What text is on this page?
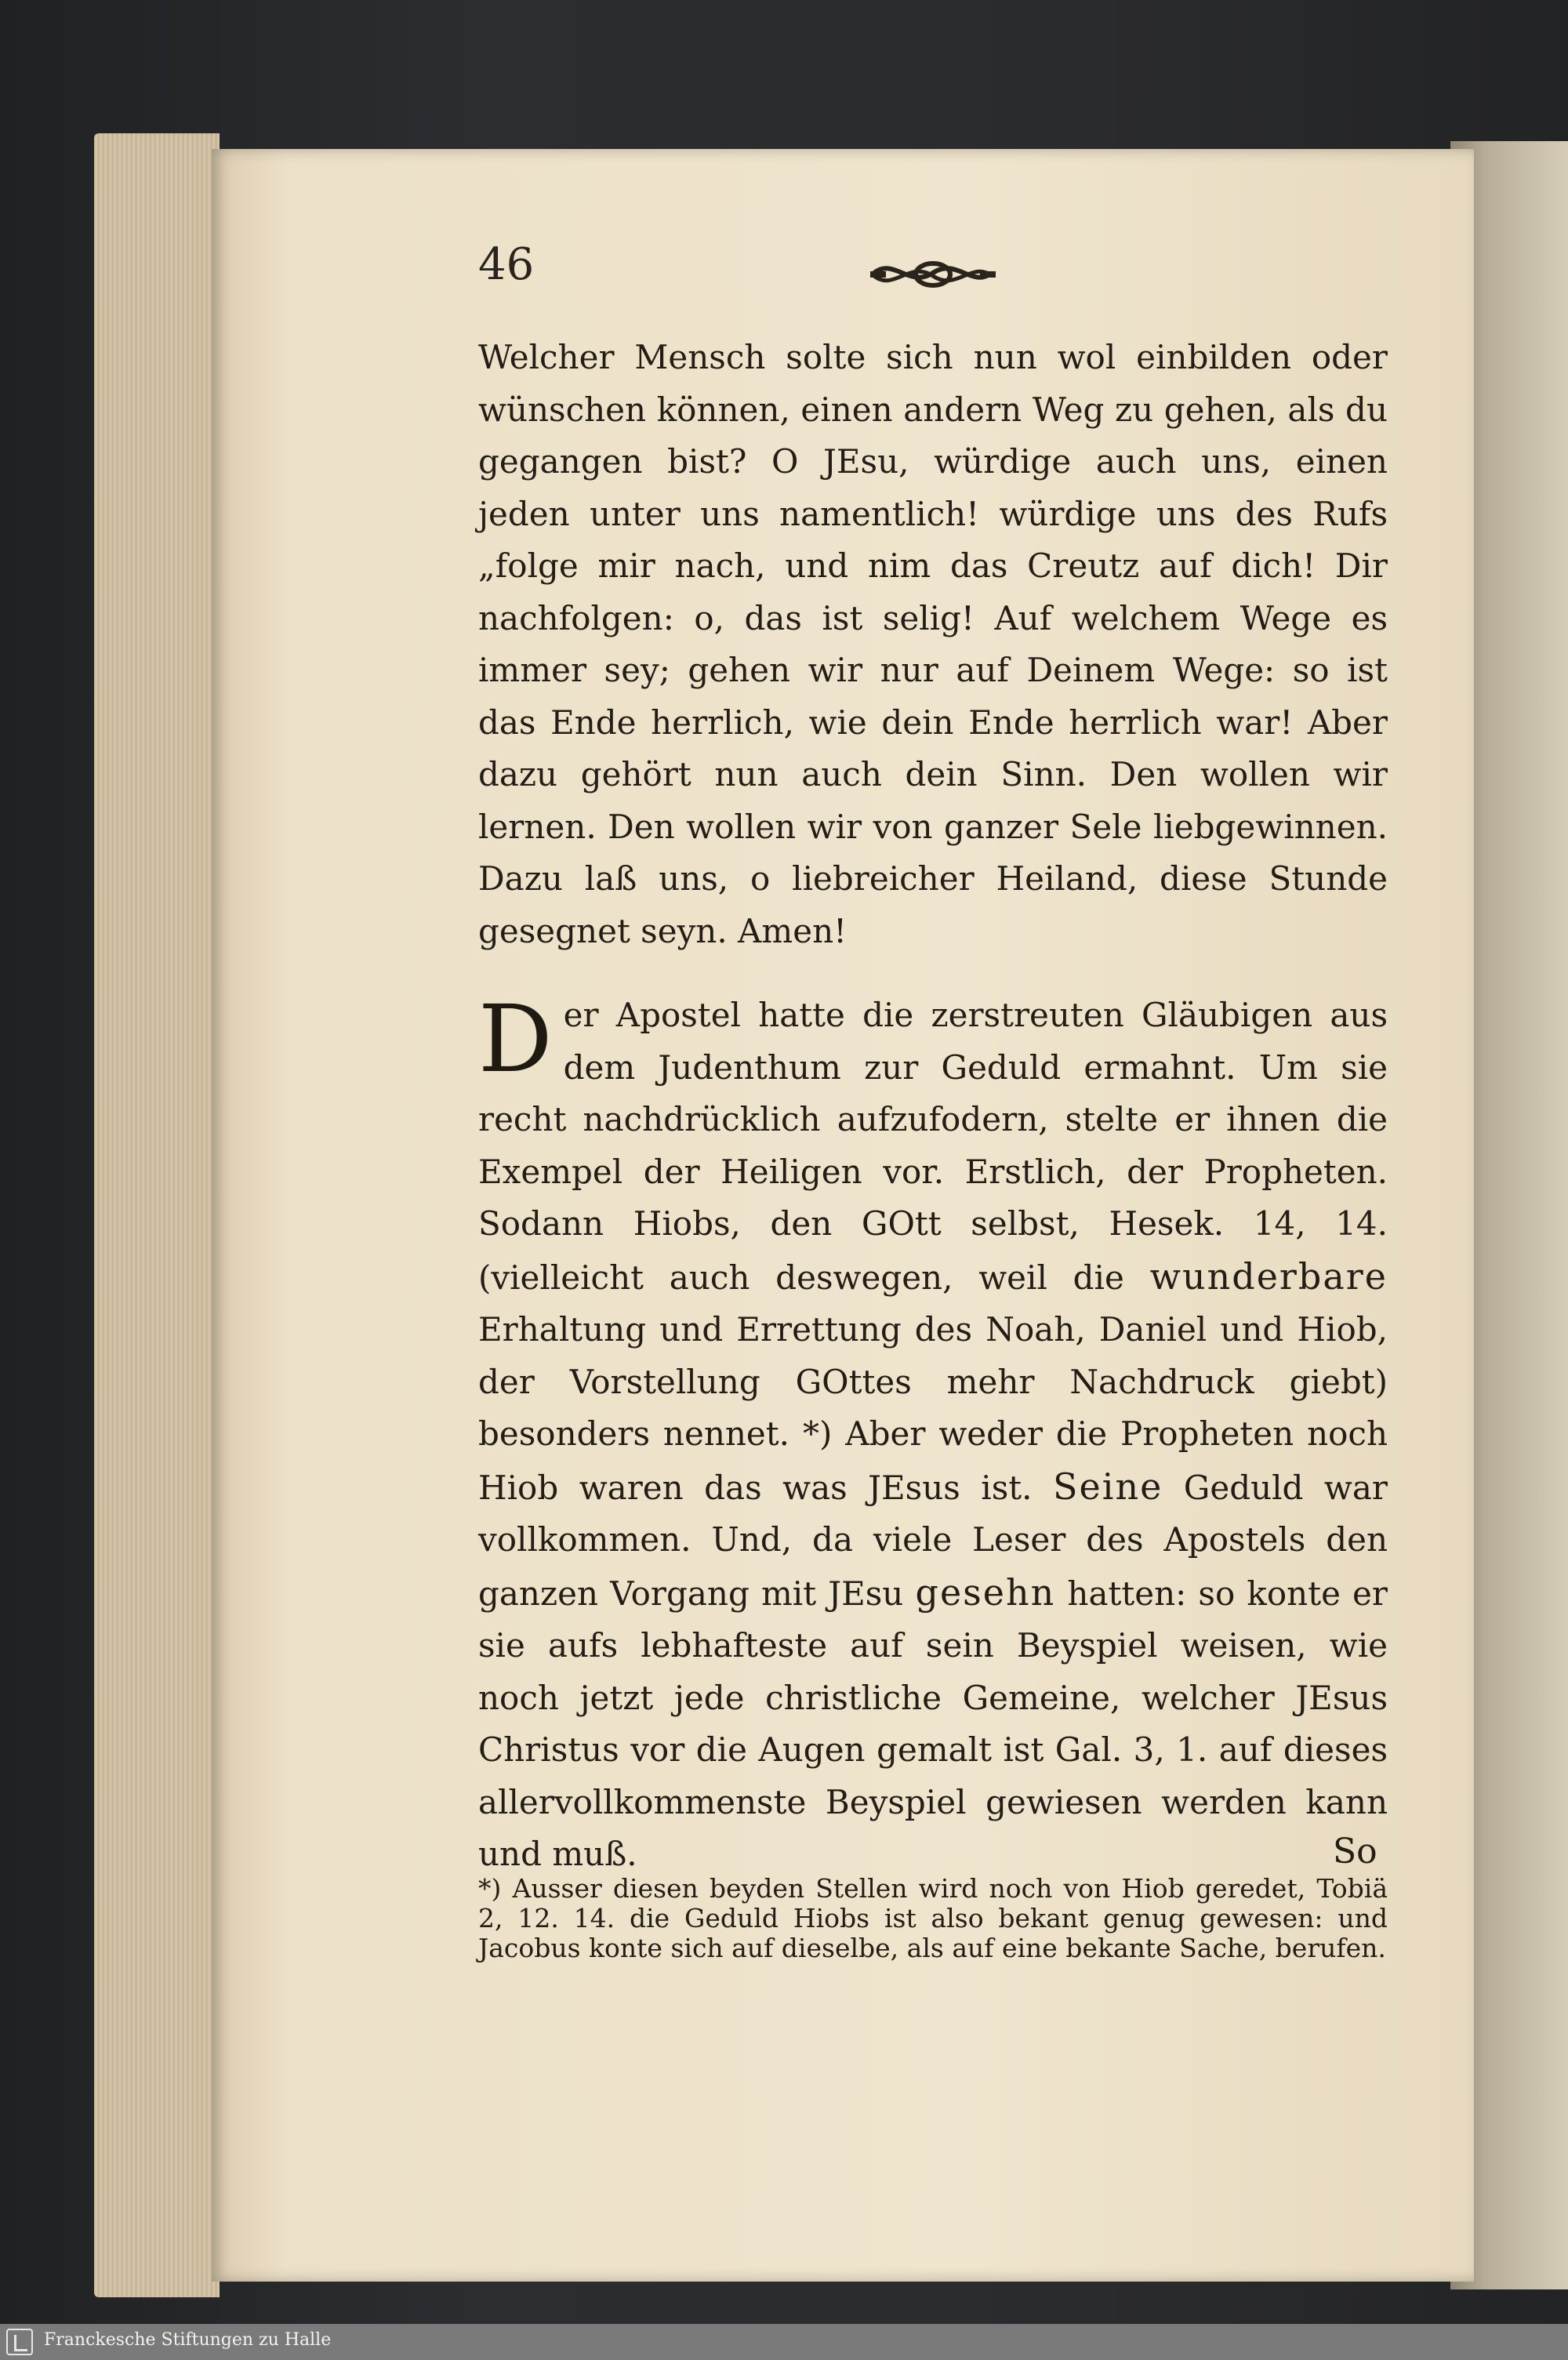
46

Welcher Mensch solte sich nun wol einbilden oder wünschen können, einen andern Weg zu gehen, als du gegangen bist? O JEsu, würdige auch uns, einen jeden unter uns namentlich! würdige uns des Rufs „folge mir nach, und nim das Creutz auf dich! Dir nachfolgen: o, das ist selig! Auf welchem Wege es immer sey; gehen wir nur auf Deinem Wege: so ist das Ende herrlich, wie dein Ende herrlich war! Aber dazu gehört nun auch dein Sinn. Den wollen wir lernen. Den wollen wir von ganzer Sele liebgewinnen. Dazu laß uns, o liebreicher Heiland, diese Stunde gesegnet seyn. Amen!

Der Apostel hatte die zerstreuten Gläubigen aus dem Judenthum zur Geduld ermahnt. Um sie recht nachdrücklich aufzufodern, stelte er ihnen die Exempel der Heiligen vor. Erstlich, der Propheten. Sodann Hiobs, den GOtt selbst, Hesek. 14, 14. (vielleicht auch deswegen, weil die wunderbare Erhaltung und Errettung des Noah, Daniel und Hiob, der Vorstellung GOttes mehr Nachdruck giebt) besonders nennet. *) Aber weder die Propheten noch Hiob waren das was JEsus ist. Seine Geduld war vollkommen. Und, da viele Leser des Apostels den ganzen Vorgang mit JEsu gesehn hatten: so konte er sie aufs lebhafteste auf sein Beyspiel weisen, wie noch jetzt jede christliche Gemeine, welcher JEsus Christus vor die Augen gemalt ist Gal. 3, 1. auf dieses allervollkommenste Beyspiel gewiesen werden kann und muß.	So

*) Ausser diesen beyden Stellen wird noch von Hiob geredet, Tobiä 2, 12. 14. die Geduld Hiobs ist also bekant genug gewesen: und Jacobus konte sich auf dieselbe, als auf eine bekante Sache, berufen.

Franckesche Stiftungen zu Halle
